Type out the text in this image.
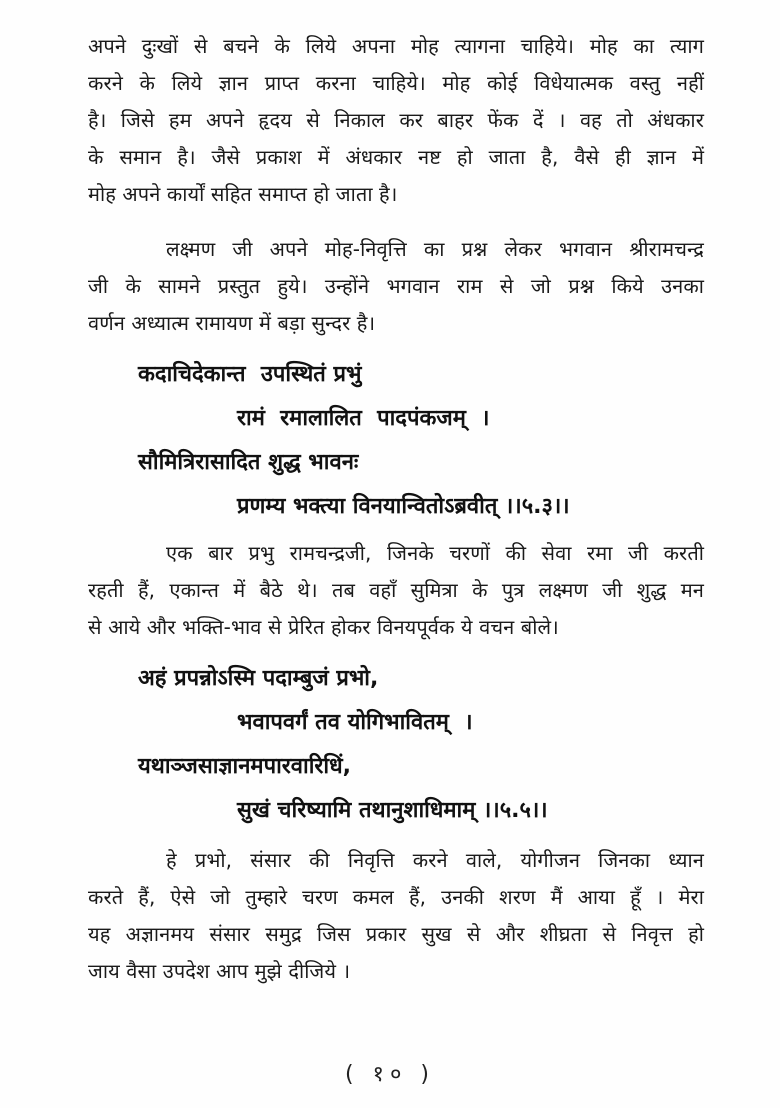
अपने दुःखों से बचने के लिये अपना मोह त्यागना चाहिये। मोह का त्याग
करने के लिये ज्ञान प्राप्त करना चाहिये। मोह कोई विधेयात्मक वस्तु नहीं
है। जिसे हम अपने हृदय से निकाल कर बाहर फेंक दें । वह तो अंधकार
के समान है। जैसे प्रकाश में अंधकार नष्ट हो जाता है, वैसे ही ज्ञान में
मोह अपने कार्यों सहित समाप्त हो जाता है।
लक्ष्मण जी अपने मोह-निवृत्ति का प्रश्न लेकर भगवान श्रीरामचन्द्र
जी के सामने प्रस्तुत हुये। उन्होंने भगवान राम से जो प्रश्न किये उनका
वर्णन अध्यात्म रामायण में बड़ा सुन्दर है।
कदाचिदेकान्त  उपस्थितं प्रभुं
रामं  रमालालित  पादपंकजम्  ।
सौमित्रिरासादित शुद्ध भावनः
प्रणम्य भक्त्या विनयान्वितोऽब्रवीत् ।।५.३।।
एक बार प्रभु रामचन्द्रजी, जिनके चरणों की सेवा रमा जी करती
रहती हैं, एकान्त में बैठे थे। तब वहाँ सुमित्रा के पुत्र लक्ष्मण जी शुद्ध मन
से आये और भक्ति-भाव से प्रेरित होकर विनयपूर्वक ये वचन बोले।
अहं प्रपन्नोऽस्मि पदाम्बुजं प्रभो,
भवापवर्गं तव योगिभावितम्  ।
यथाञ्जसाज्ञानमपारवारिधिं,
सुखं चरिष्यामि तथानुशाधिमाम् ।।५.५।।
हे प्रभो, संसार की निवृत्ति करने वाले, योगीजन जिनका ध्यान
करते हैं, ऐसे जो तुम्हारे चरण कमल हैं, उनकी शरण मैं आया हूँ । मेरा
यह अज्ञानमय संसार समुद्र जिस प्रकार सुख से और शीघ्रता से निवृत्त हो
जाय वैसा उपदेश आप मुझे दीजिये ।
( १० )
